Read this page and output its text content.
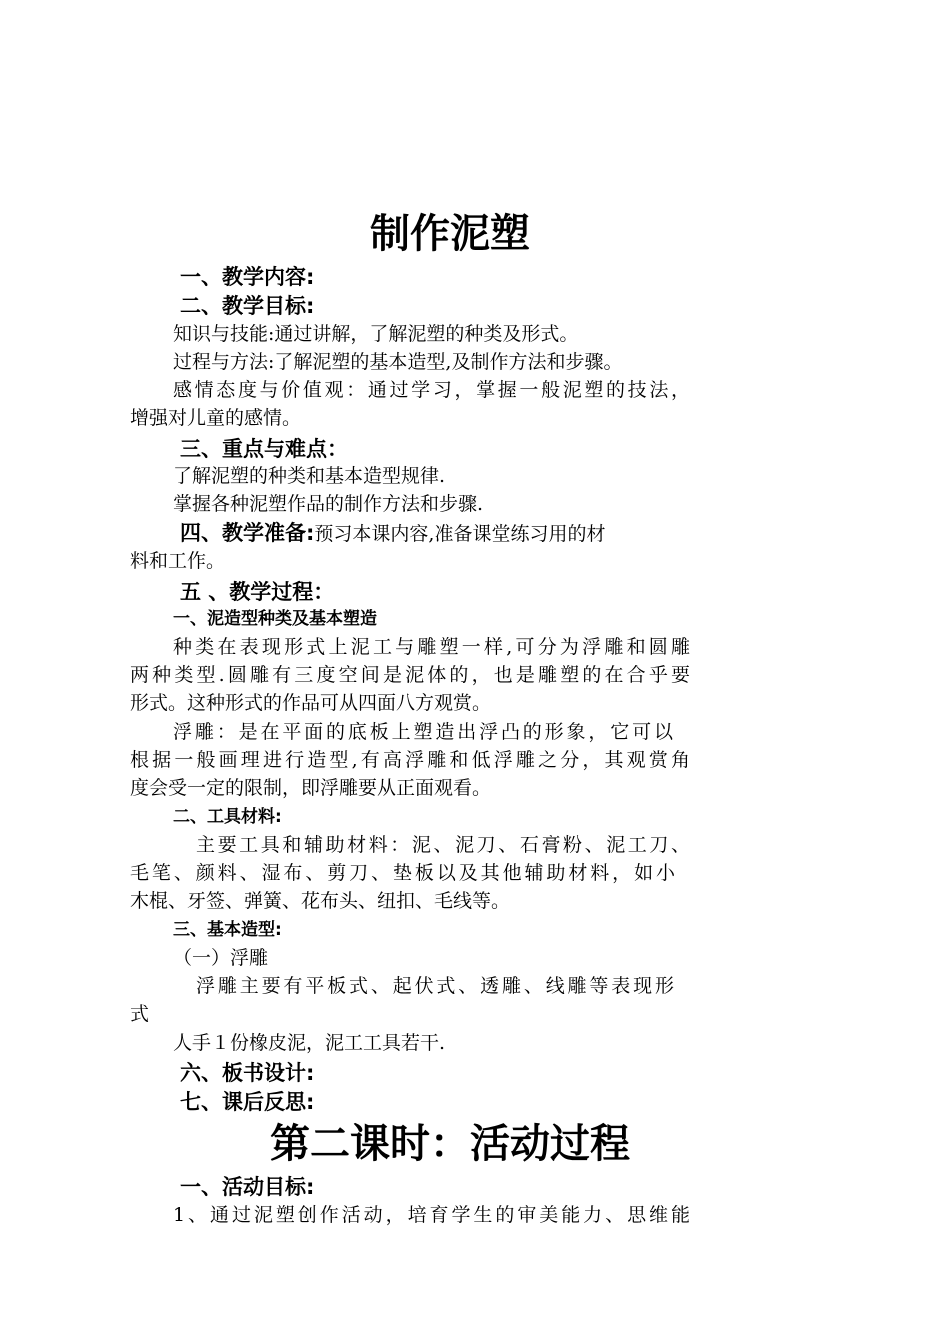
制作泥塑
一、教学内容:
二、教学目标:
知识与技能:通过讲解，了解泥塑的种类及形式。
过程与方法:了解泥塑的基本造型,及制作方法和步骤。
感情态度与价值观：通过学习，掌握一般泥塑的技法，
增强对儿童的感情。
三、重点与难点：
了解泥塑的种类和基本造型规律.
掌握各种泥塑作品的制作方法和步骤.
四、教学准备:预习本课内容,准备课堂练习用的材
料和工作。
五 、教学过程：
一、泥造型种类及基本塑造
种类在表现形式上泥工与雕塑一样,可分为浮雕和圆雕
两种类型.圆雕有三度空间是泥体的，也是雕塑的在合乎要
形式。这种形式的作品可从四面八方观赏。
浮雕：是在平面的底板上塑造出浮凸的形象，它可以
根据一般画理进行造型,有高浮雕和低浮雕之分，其观赏角
度会受一定的限制，即浮雕要从正面观看。
二、工具材料:
主要工具和辅助材料：泥、泥刀、石膏粉、泥工刀、
毛笔、颜料、湿布、剪刀、垫板以及其他辅助材料，如小
木棍、牙签、弹簧、花布头、纽扣、毛线等。
三、基本造型:
（一）浮雕
浮雕主要有平板式、起伏式、透雕、线雕等表现形
式
人手１份橡皮泥，泥工工具若干.
六、板书设计:
七、课后反思:
第二课时：活动过程
一、活动目标:
1、通过泥塑创作活动，培育学生的审美能力、思维能
